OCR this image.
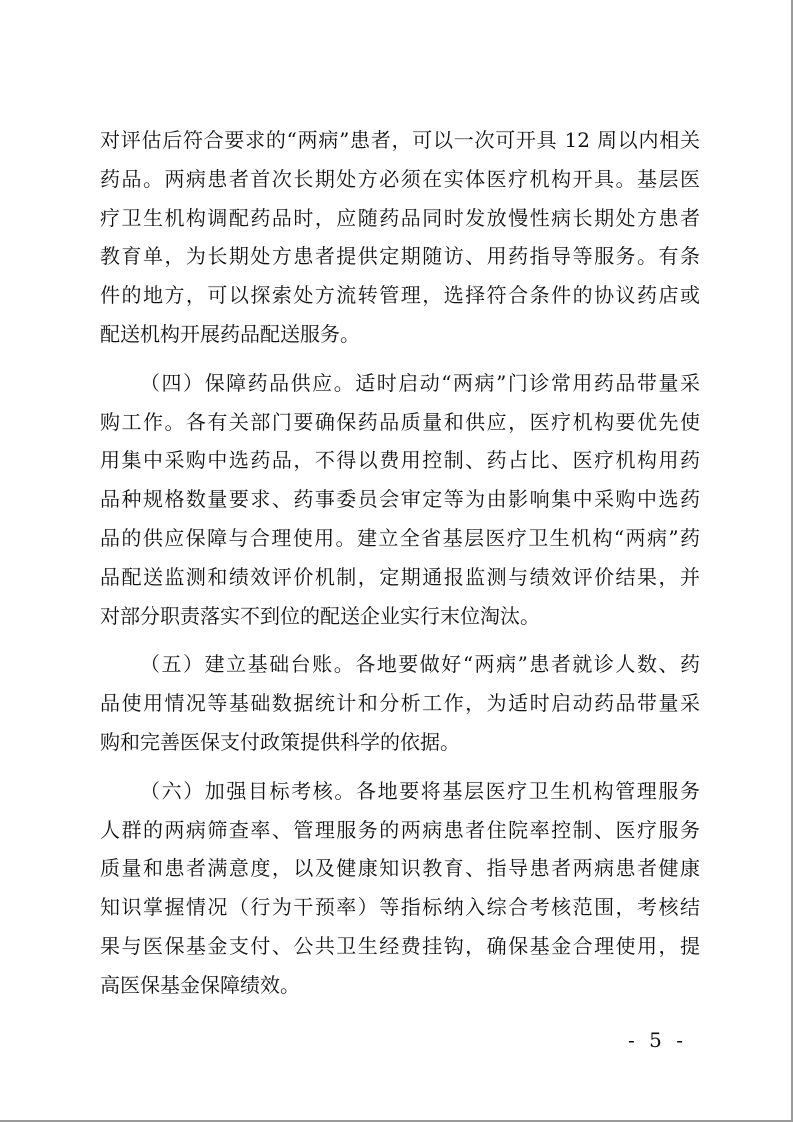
对评估后符合要求的“两病”患者，可以一次可开具 12 周以内相关
药品。两病患者首次长期处方必须在实体医疗机构开具。基层医
疗卫生机构调配药品时，应随药品同时发放慢性病长期处方患者
教育单，为长期处方患者提供定期随访、用药指导等服务。有条
件的地方，可以探索处方流转管理，选择符合条件的协议药店或
配送机构开展药品配送服务。
（四）保障药品供应。适时启动“两病”门诊常用药品带量采
购工作。各有关部门要确保药品质量和供应，医疗机构要优先使
用集中采购中选药品，不得以费用控制、药占比、医疗机构用药
品种规格数量要求、药事委员会审定等为由影响集中采购中选药
品的供应保障与合理使用。建立全省基层医疗卫生机构“两病”药
品配送监测和绩效评价机制，定期通报监测与绩效评价结果，并
对部分职责落实不到位的配送企业实行末位淘汰。
（五）建立基础台账。各地要做好“两病”患者就诊人数、药
品使用情况等基础数据统计和分析工作，为适时启动药品带量采
购和完善医保支付政策提供科学的依据。
（六）加强目标考核。各地要将基层医疗卫生机构管理服务
人群的两病筛查率、管理服务的两病患者住院率控制、医疗服务
质量和患者满意度，以及健康知识教育、指导患者两病患者健康
知识掌握情况（行为干预率）等指标纳入综合考核范围，考核结
果与医保基金支付、公共卫生经费挂钩，确保基金合理使用，提
高医保基金保障绩效。
- 5 -
